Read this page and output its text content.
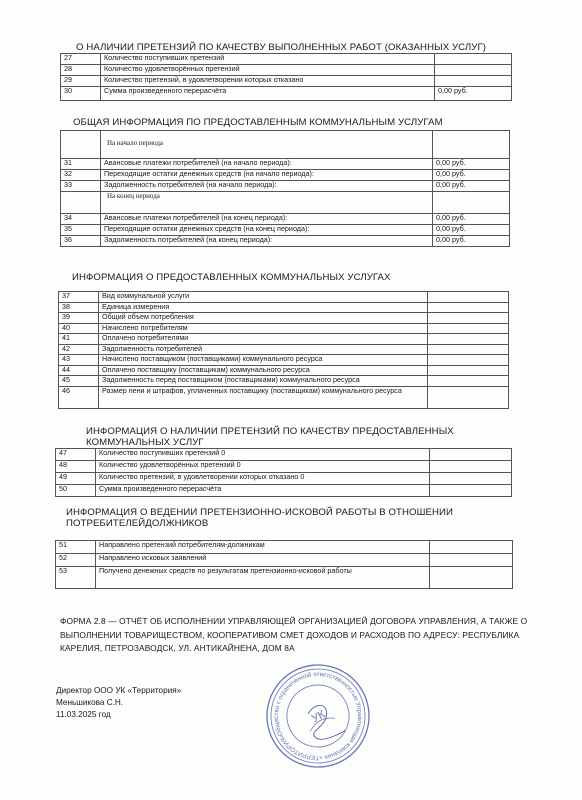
О НАЛИЧИИ ПРЕТЕНЗИЙ ПО КАЧЕСТВУ ВЫПОЛНЕННЫХ РАБОТ (ОКАЗАННЫХ УСЛУГ)
27	Количество поступивших претензий	
28	Количество удовлетворённых претензий	
29	Количество претензий, в удовлетворении которых отказано	
30	Сумма произведенного перерасчёта	0,00 руб.
ОБЩАЯ ИНФОРМАЦИЯ ПО ПРЕДОСТАВЛЕННЫМ КОММУНАЛЬНЫМ УСЛУГАМ
	На начало периода	
31	Авансовые платежи потребителей (на начало периода):	0,00 руб.
32	Переходящие остатки денежных средств (на начало периода):	0,00 руб.
33	Задолженность потребителей (на начало периода):	0,00 руб.
	На конец периода	
34	Авансовые платежи потребителей (на конец периода):	0,00 руб.
35	Переходящие остатки денежных средств (на конец периода):	0,00 руб.
36	Задолженность потребителей (на конец периода):	0,00 руб.
ИНФОРМАЦИЯ О ПРЕДОСТАВЛЕННЫХ КОММУНАЛЬНЫХ УСЛУГАХ
37	Вид коммунальной услуги	
38	Единица измерения	
39	Общий объем потребления	
40	Начислено потребителям	
41	Оплачено потребителями	
42	Задолженность потребителей	
43	Начислено поставщиком (поставщиками) коммунального ресурса	
44	Оплачено поставщику (поставщикам) коммунального ресурса	
45	Задолженность перед поставщиком (поставщиками) коммунального ресурса	
46	Размер пени и штрафов, уплаченных поставщику (поставщикам) коммунального ресурса	
ИНФОРМАЦИЯ О НАЛИЧИИ ПРЕТЕНЗИЙ ПО КАЧЕСТВУ ПРЕДОСТАВЛЕННЫХ
КОММУНАЛЬНЫХ УСЛУГ
47	Количество поступивших претензий 0	
48	Количество удовлетворённых претензий 0	
49	Количество претензий, в удовлетворении которых отказано 0	
50	Сумма произведенного перерасчёта	
ИНФОРМАЦИЯ О ВЕДЕНИИ ПРЕТЕНЗИОННО-ИСКОВОЙ РАБОТЫ В ОТНОШЕНИИ
ПОТРЕБИТЕЛЕЙДОЛЖНИКОВ
51	Направлено претензий потребителям-должникам	
52	Направлено исковых заявлений	
53	Получено денежных средств по результатам претензионно-исковой работы	
ФОРМА 2.8 — ОТЧЁТ ОБ ИСПОЛНЕНИИ УПРАВЛЯЮЩЕЙ ОРГАНИЗАЦИЕЙ ДОГОВОРА УПРАВЛЕНИЯ, А ТАКЖЕ О ВЫПОЛНЕНИИ ТОВАРИЩЕСТВОМ, КООПЕРАТИВОМ СМЕТ ДОХОДОВ И РАСХОДОВ ПО АДРЕСУ: РЕСПУБЛИКА КАРЕЛИЯ, ПЕТРОЗАВОДСК, УЛ. АНТИКАЙНЕНА, ДОМ 8А
Директор ООО УК «Территория»
Меньшикова С.Н.
11.03.2025 год
Общество с ограниченной ответственностью Управляющая компания «ТЕРРИТОРИЯ»
УК
